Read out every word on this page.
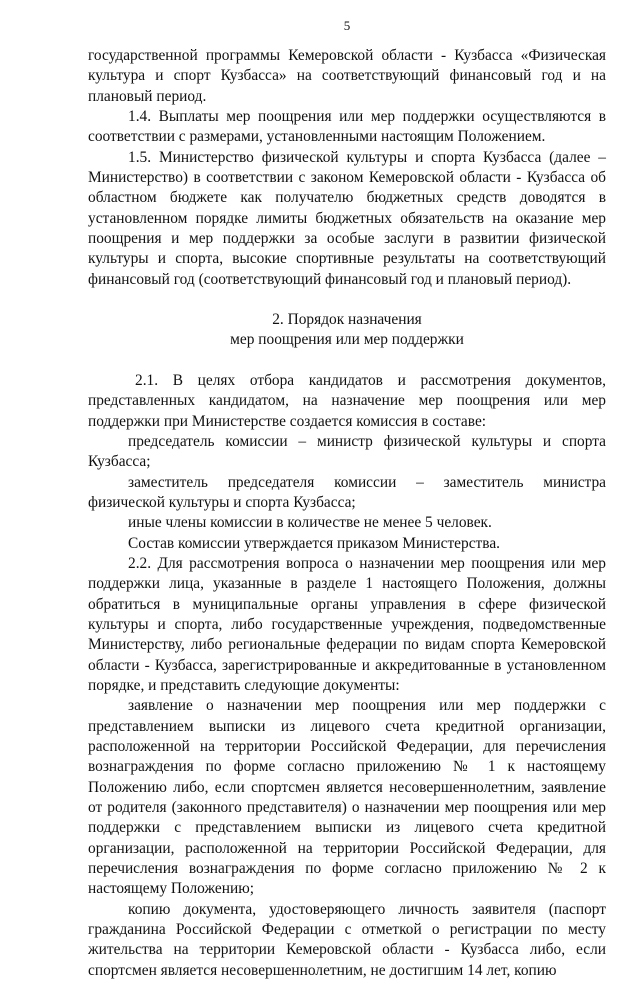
5

государственной программы Кемеровской области - Кузбасса «Физическая культура и спорт Кузбасса» на соответствующий финансовый год и на плановый период.

1.4. Выплаты мер поощрения или мер поддержки осуществляются в соответствии с размерами, установленными настоящим Положением.

1.5. Министерство физической культуры и спорта Кузбасса (далее – Министерство) в соответствии с законом Кемеровской области - Кузбасса об областном бюджете как получателю бюджетных средств доводятся в установленном порядке лимиты бюджетных обязательств на оказание мер поощрения и мер поддержки за особые заслуги в развитии физической культуры и спорта, высокие спортивные результаты на соответствующий финансовый год (соответствующий финансовый год и плановый период).

2. Порядок назначения

мер поощрения или мер поддержки

2.1. В целях отбора кандидатов и рассмотрения документов, представленных кандидатом, на назначение мер поощрения или мер поддержки при Министерстве создается комиссия в составе:

председатель комиссии – министр физической культуры и спорта Кузбасса;

заместитель председателя комиссии – заместитель министра физической культуры и спорта Кузбасса;

иные члены комиссии в количестве не менее 5 человек.

Состав комиссии утверждается приказом Министерства.

2.2. Для рассмотрения вопроса о назначении мер поощрения или мер поддержки лица, указанные в разделе 1 настоящего Положения, должны обратиться в муниципальные органы управления в сфере физической культуры и спорта, либо государственные учреждения, подведомственные Министерству, либо региональные федерации по видам спорта Кемеровской области - Кузбасса, зарегистрированные и аккредитованные в установленном порядке, и представить следующие документы:

заявление о назначении мер поощрения или мер поддержки с представлением выписки из лицевого счета кредитной организации, расположенной на территории Российской Федерации, для перечисления вознаграждения по форме согласно приложению № 1 к настоящему Положению либо, если спортсмен является несовершеннолетним, заявление от родителя (законного представителя) о назначении мер поощрения или мер поддержки с представлением выписки из лицевого счета кредитной организации, расположенной на территории Российской Федерации, для перечисления вознаграждения по форме согласно приложению № 2 к настоящему Положению;

копию документа, удостоверяющего личность заявителя (паспорт гражданина Российской Федерации с отметкой о регистрации по месту жительства на территории Кемеровской области - Кузбасса либо, если спортсмен является несовершеннолетним, не достигшим 14 лет, копию
